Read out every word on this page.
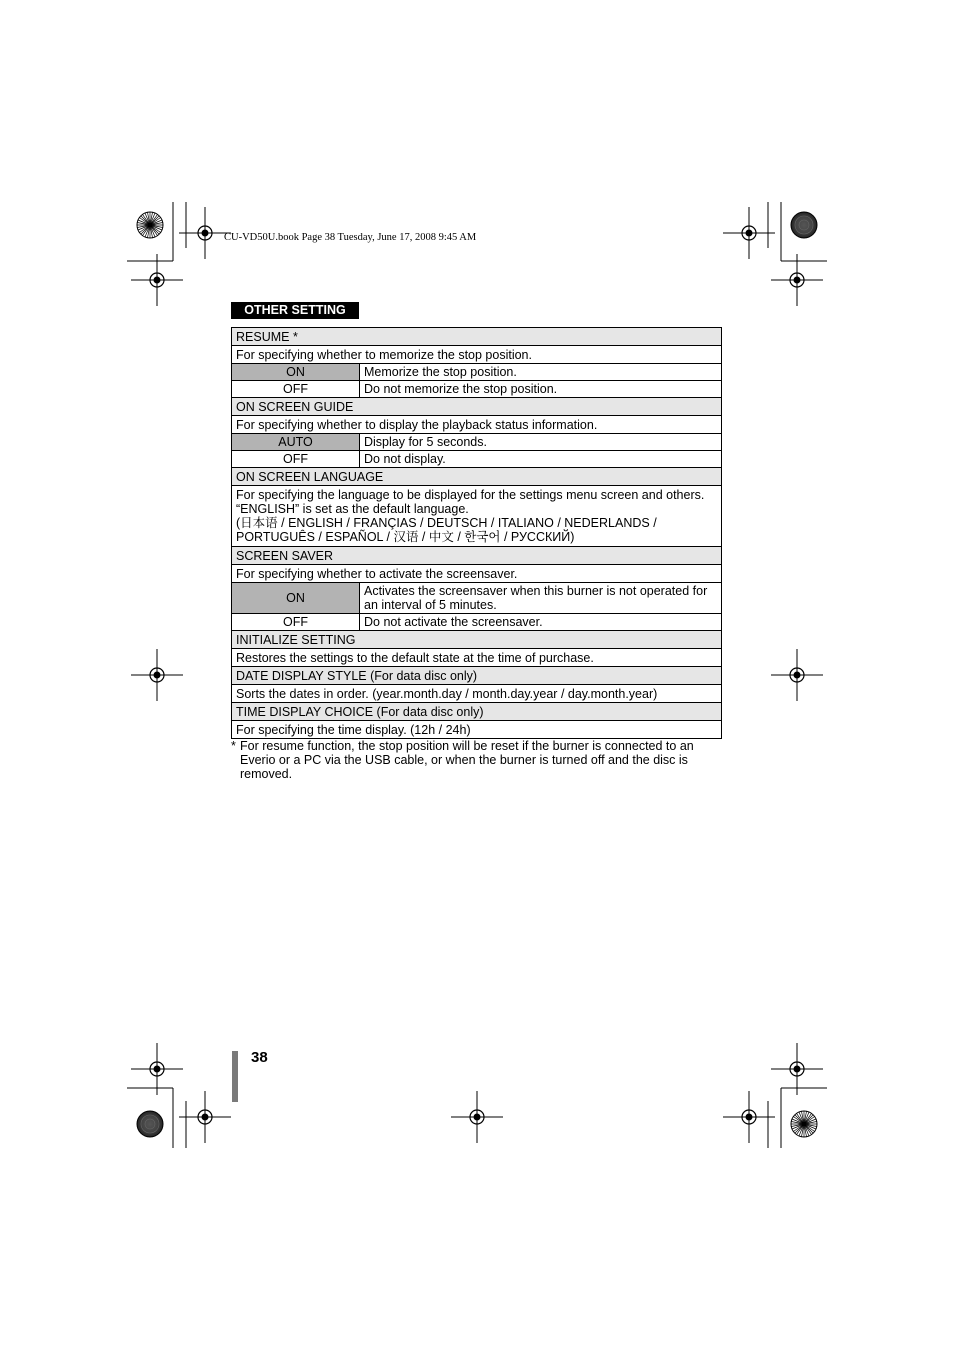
CU-VD50U.book Page 38 Tuesday, June 17, 2008 9:45 AM
OTHER SETTING
RESUME *	
For specifying whether to memorize the stop position.	
ON	Memorize the stop position.
OFF	Do not memorize the stop position.
ON SCREEN GUIDE	
For specifying whether to display the playback status information.	
AUTO	Display for 5 seconds.
OFF	Do not display.
ON SCREEN LANGUAGE	

For specifying the language to be displayed for the settings menu screen and others.
“ENGLISH” is set as the default language.
(日本语 / ENGLISH / FRANÇIAS / DEUTSCH / ITALIANO / NEDERLANDS /
PORTUGUÊS / ESPAÑOL / 汉语 / 中文 / 한국어 / РУССКИЙ)	

SCREEN SAVER	
For specifying whether to activate the screensaver.	
ON	Activates the screensaver when this burner is not operated for an interval of 5 minutes.
OFF	Do not activate the screensaver.
INITIALIZE SETTING	
Restores the settings to the default state at the time of purchase.	
DATE DISPLAY STYLE (For data disc only)	
Sorts the dates in order. (year.month.day / month.day.year / day.month.year)	
TIME DISPLAY CHOICE (For data disc only)	
For specifying the time display. (12h / 24h)	
* For resume function, the stop position will be reset if the burner is connected to an Everio or a PC via the USB cable, or when the burner is turned off and the disc is removed.
38
